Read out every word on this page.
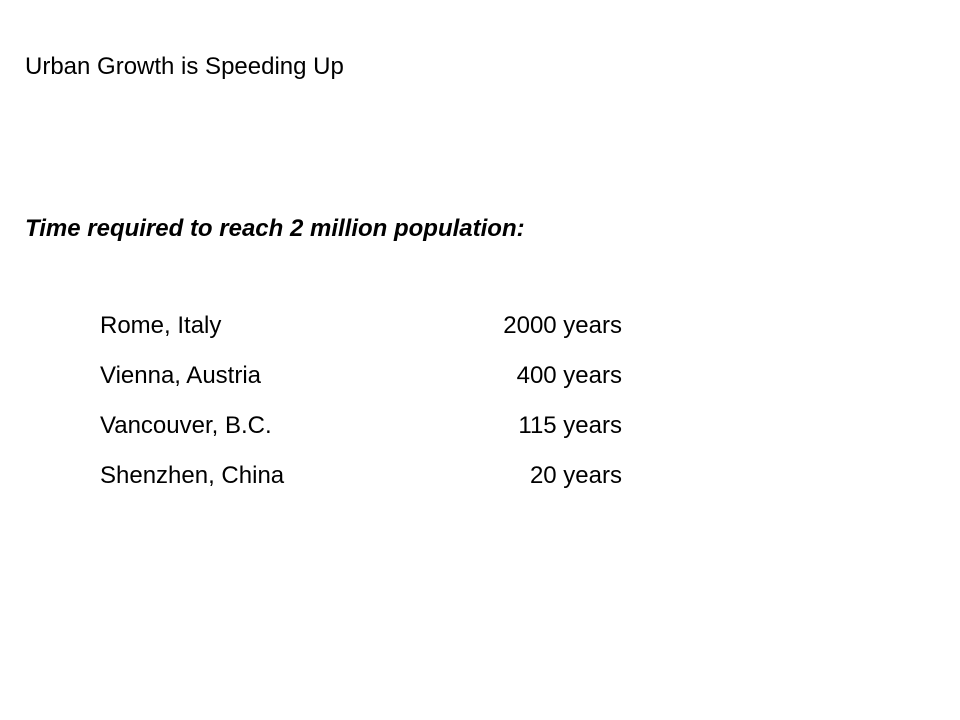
Urban Growth is Speeding Up
Time required to reach 2 million population:
Rome, Italy	2000 years
Vienna, Austria	400 years
Vancouver, B.C.	115 years
Shenzhen, China	20 years
